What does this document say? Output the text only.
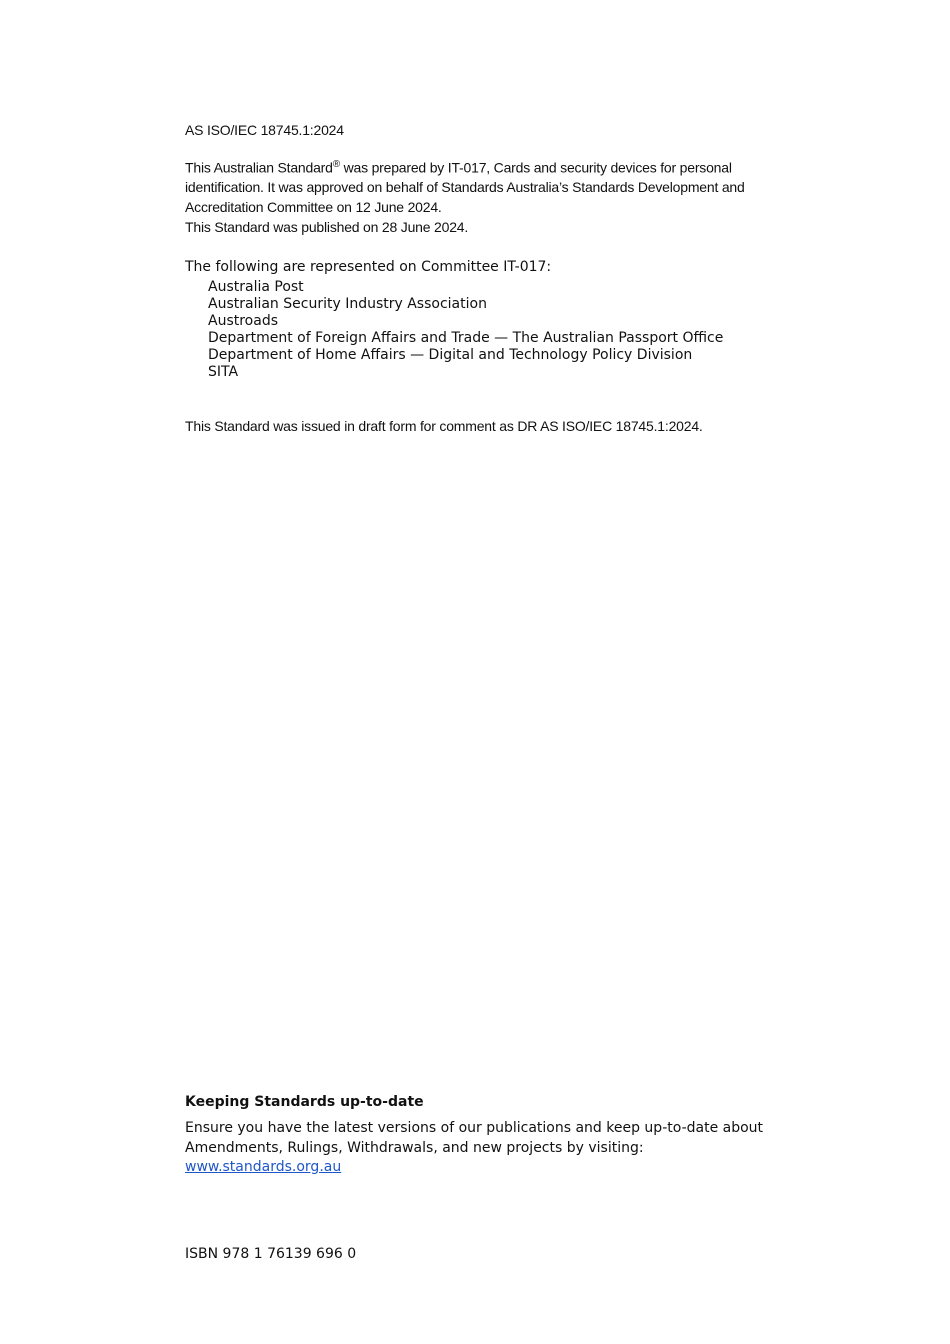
AS ISO/IEC 18745.1:2024
This Australian Standard® was prepared by IT-017, Cards and security devices for personal identification. It was approved on behalf of Standards Australia’s Standards Development and Accreditation Committee on 12 June 2024.
This Standard was published on 28 June 2024.
The following are represented on Committee IT-017:
Australia Post
Australian Security Industry Association
Austroads
Department of Foreign Affairs and Trade — The Australian Passport Office
Department of Home Affairs — Digital and Technology Policy Division
SITA
This Standard was issued in draft form for comment as DR AS ISO/IEC 18745.1:2024.
Keeping Standards up-to-date
Ensure you have the latest versions of our publications and keep up-to-date about
Amendments, Rulings, Withdrawals, and new projects by visiting:
www.standards.org.au
ISBN 978 1 76139 696 0
